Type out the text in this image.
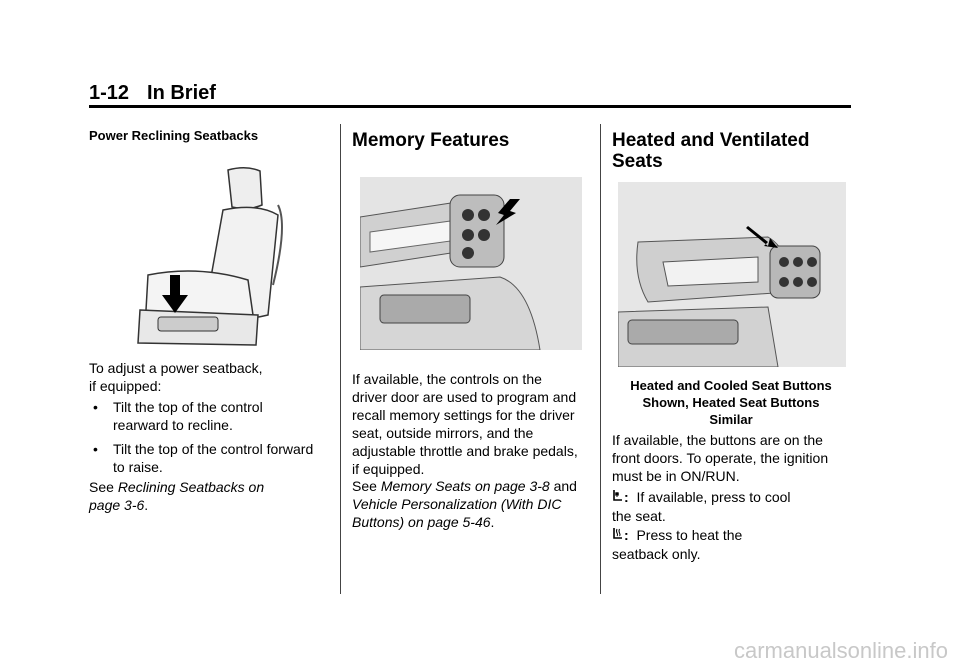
1-12 In Brief
Power Reclining Seatbacks

To adjust a power seatback,

if equipped:

• Tilt the top of the control

rearward to recline.

• Tilt the top of the control forward

to raise.

See Reclining Seatbacks on

page 3-6.

Memory Features

If available, the controls on the

driver door are used to program and

recall memory settings for the driver

seat, outside mirrors, and the

adjustable throttle and brake pedals,

if equipped.

See Memory Seats on page 3-8 and

Vehicle Personalization (With DIC

Buttons) on page 5-46.

Heated and Ventilated
Seats

Heated and Cooled Seat Buttons

Shown, Heated Seat Buttons

Similar

If available, the buttons are on the

front doors. To operate, the ignition

must be in ON/RUN.

: If available, press to cool

the seat.

: Press to heat the

seatback only.

carmanualsonline.info
